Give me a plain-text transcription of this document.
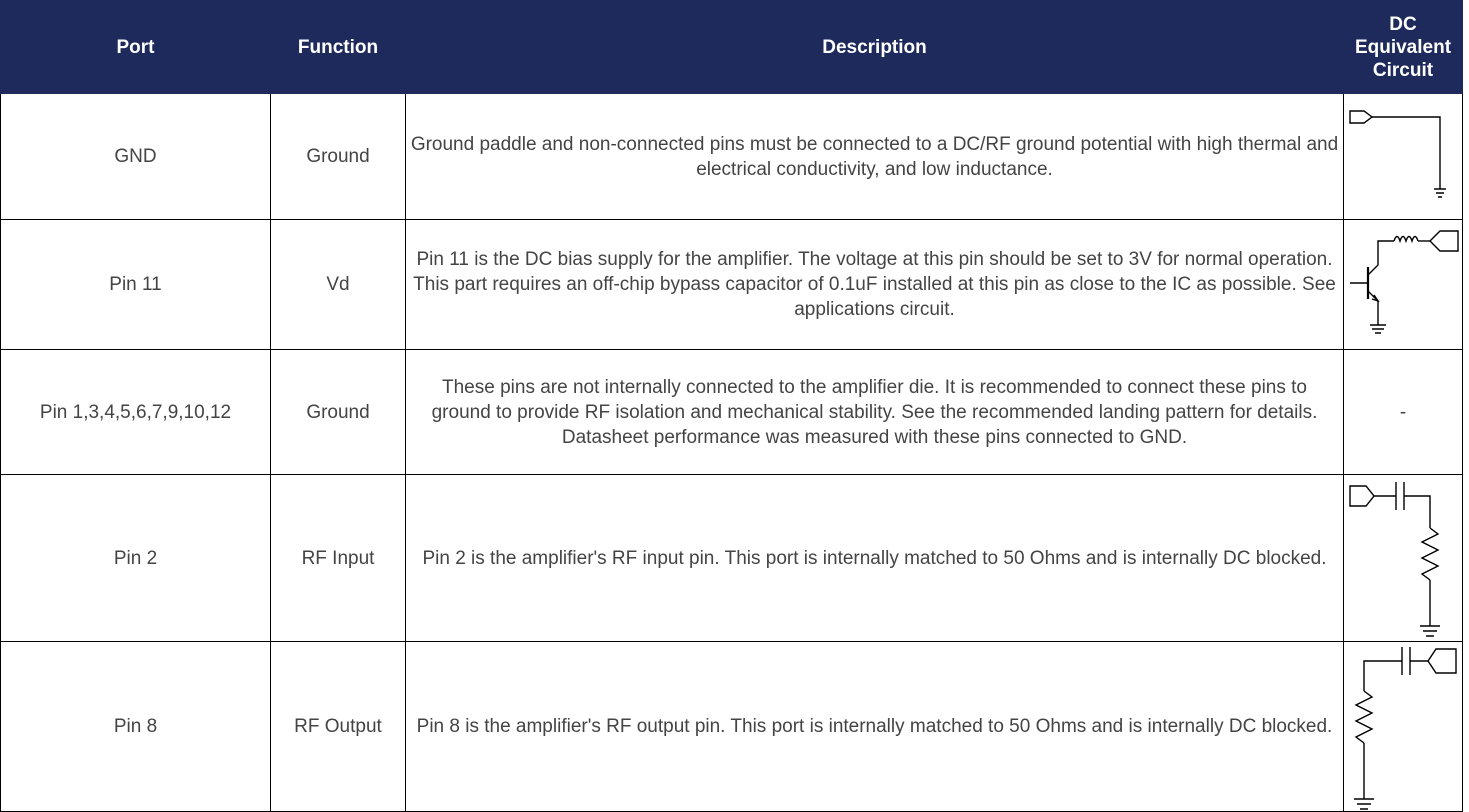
Port	Function	Description	DC Equivalent Circuit
GND	Ground	Ground paddle and non-connected pins must be connected to a DC/RF ground potential with high thermal and electrical conductivity, and low inductance.	

Pin 11	Vd	Pin 11 is the DC bias supply for the amplifier. The voltage at this pin should be set to 3V for normal operation. This part requires an off-chip bypass capacitor of 0.1uF installed at this pin as close to the IC as possible. See applications circuit.	

Pin 1,3,4,5,6,7,9,10,12	Ground	These pins are not internally connected to the amplifier die. It is recommended to connect these pins to ground to provide RF isolation and mechanical stability. See the recommended landing pattern for details. Datasheet performance was measured with these pins connected to GND.	-
Pin 2	RF Input	Pin 2 is the amplifier's RF input pin. This port is internally matched to 50 Ohms and is internally DC blocked.	

Pin 8	RF Output	Pin 8 is the amplifier's RF output pin. This port is internally matched to 50 Ohms and is internally DC blocked.	
